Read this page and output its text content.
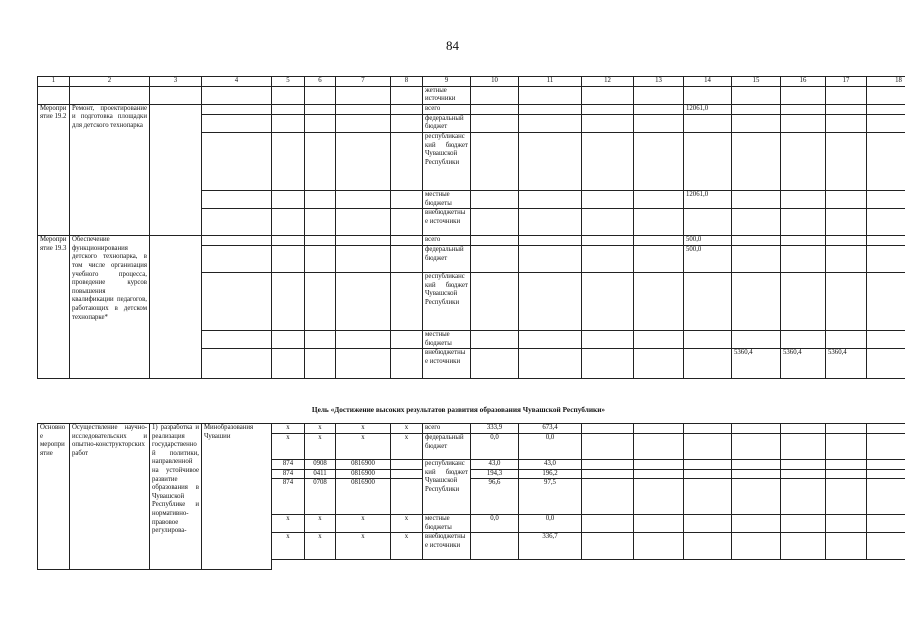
84
1	2	3	4	5	6	7	8	9	10	11	12	13	14	15	16	17	18
								жетные источники									
Мероприятие 19.2	Ремонт, проектирование и подготовка площадки для детского технопарка							всего					12061,0				
								федеральный бюджет									
								республиканский бюджет Чувашской Республики									
								местные бюджеты					12061,0				
								внебюджетные источники									
Мероприятие 19.3	Обеспечение функционирования детского технопарка, в том числе организация учебного процесса, проведение курсов повышения квалификации педагогов, работающих в детском технопарке*							всего					500,0				
								федеральный бюджет					500,0				
								республиканский бюджет Чувашской Республики									
								местные бюджеты									
								внебюджетные источники						5360,4	5360,4	5360,4	
Цель «Достижение высоких результатов развития образования Чувашской Республики»
Основное мероприятие	Осуществление научно-исследовательских и опытно-конструкторских работ	1) разработка и реализация государственной политики, направленной на устойчивое развитие образования в Чувашской Республике и нормативно-правовое регулирова-	Минобразования Чувашии	x	x	x	x	всего	333,9	673,4							
				x	x	x	x	федеральный бюджет	0,0	0,0							
				874	0908	0816900		республиканский бюджет Чувашской Республики	43,0	43,0							
				874	0411	0816900			194,3	196,2							
				874	0708	0816900			96,6	97,5							
				x	x	x	x	местные бюджеты	0,0	0,0							
				x	x	x	x	внебюджетные источники		336,7							
